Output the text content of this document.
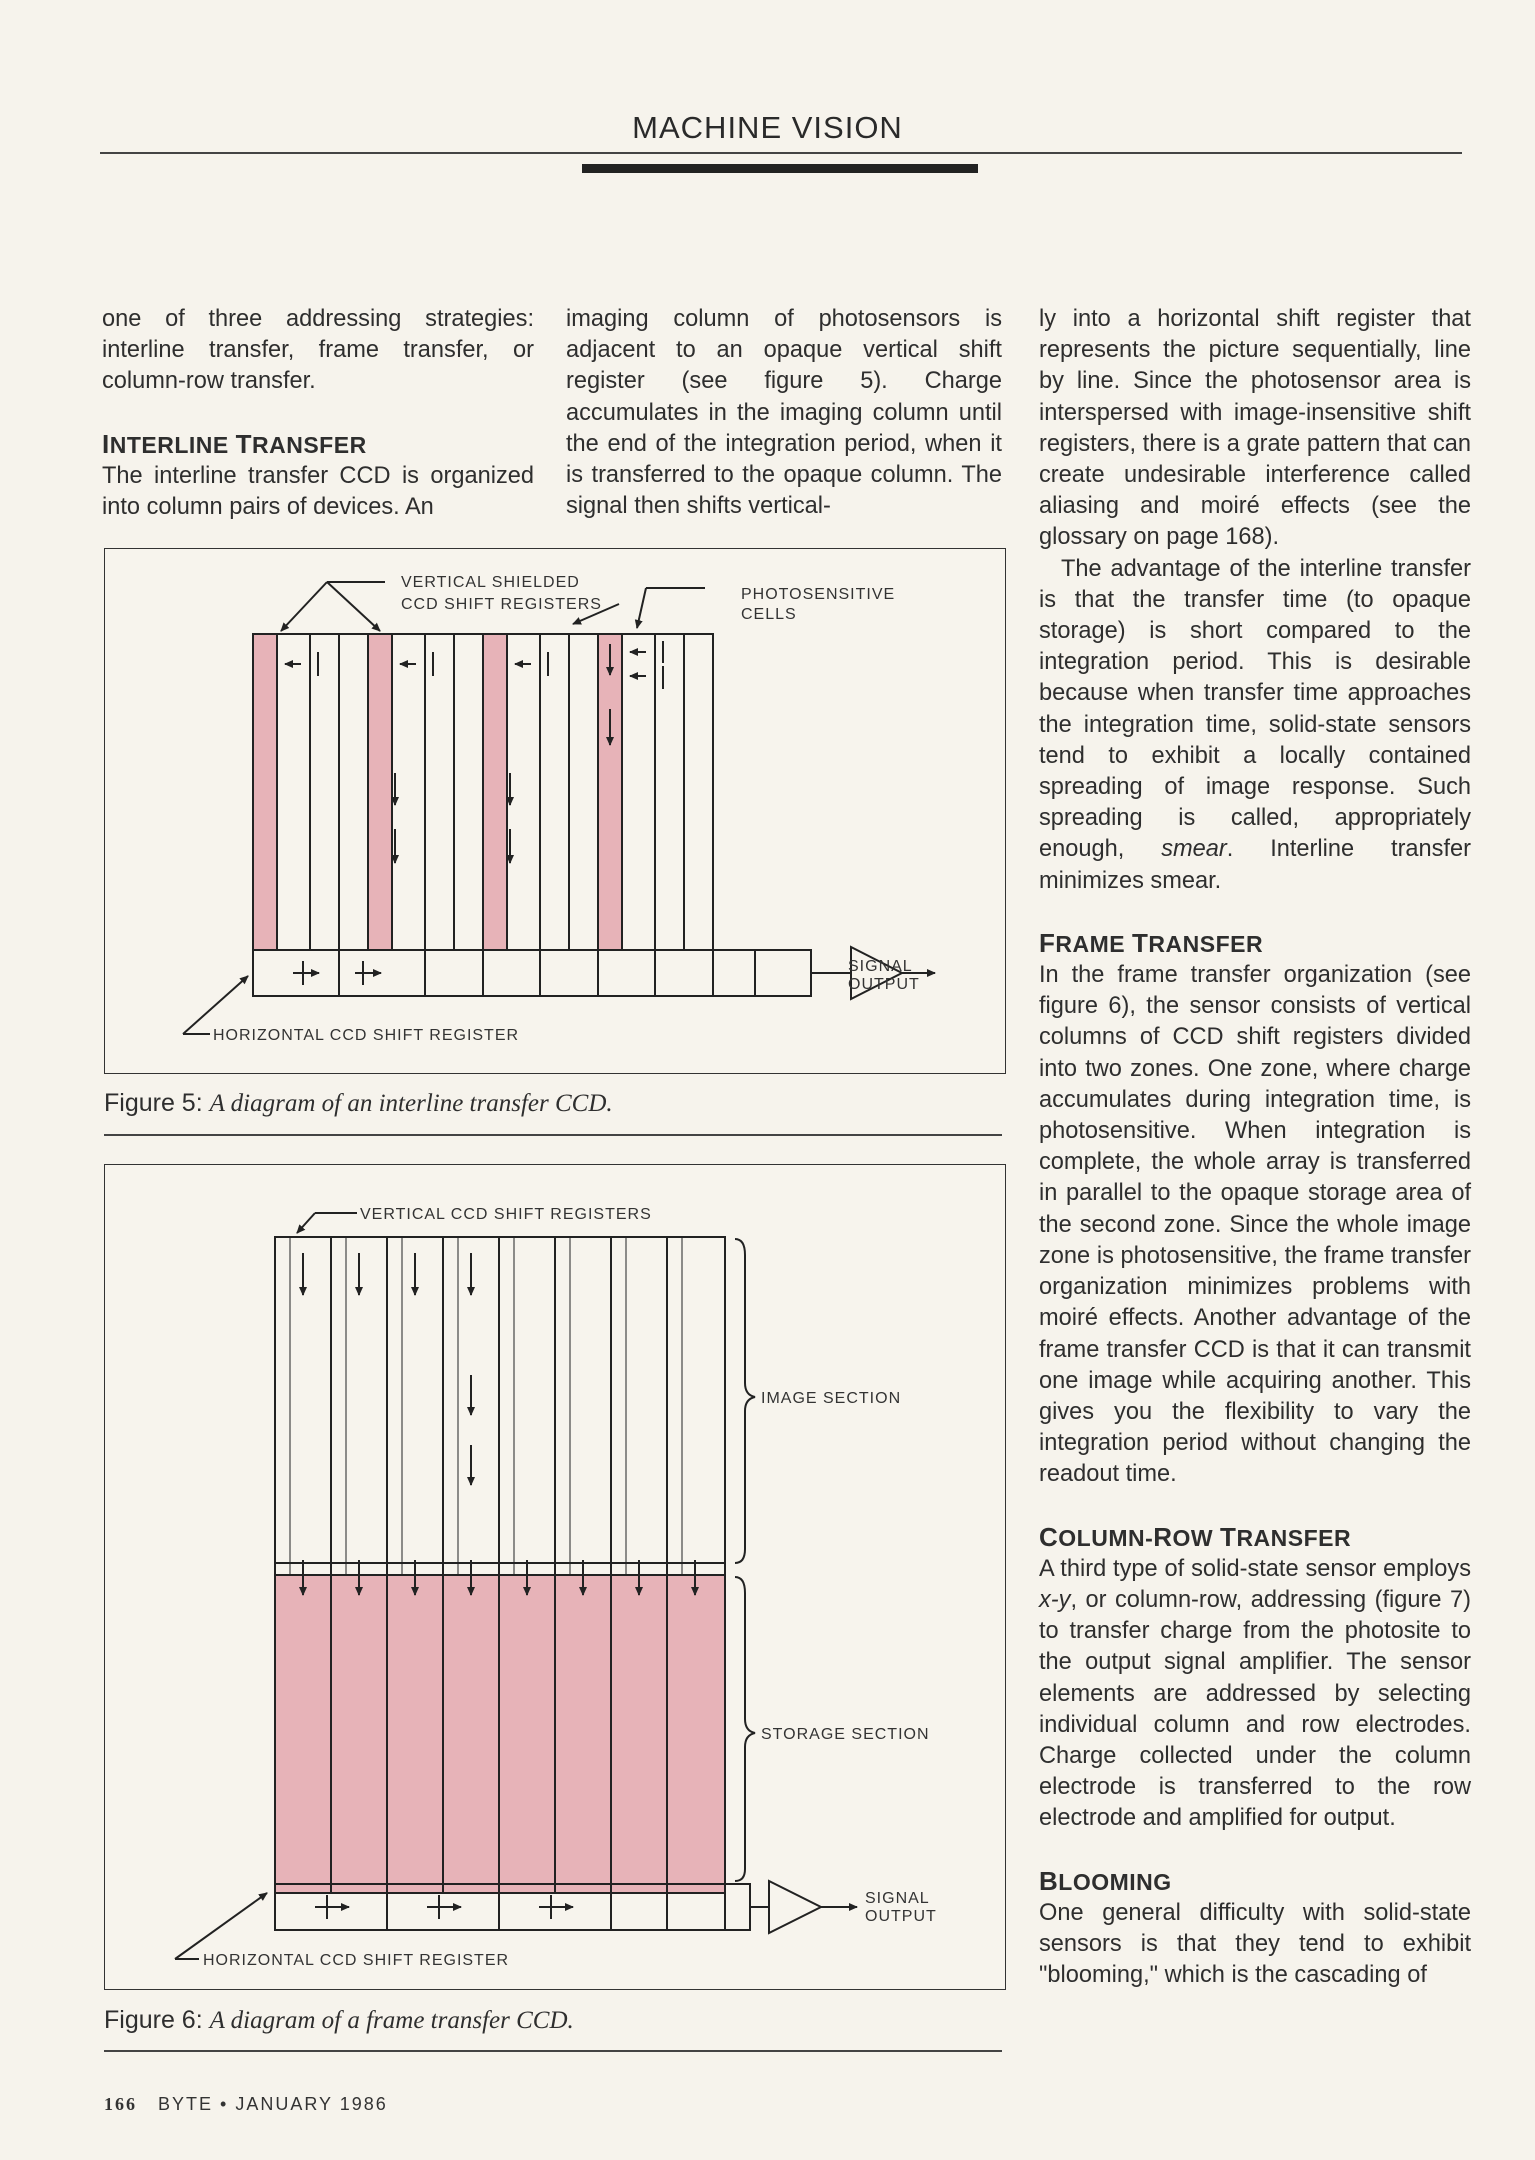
MACHINE VISION

one of three addressing strategies: interline transfer, frame transfer, or column-row transfer.

INTERLINE TRANSFER

The interline transfer CCD is organized into column pairs of devices. An

imaging column of photosensors is adjacent to an opaque vertical shift register (see figure 5). Charge accumulates in the imaging column until the end of the integration period, when it is transferred to the opaque column. The signal then shifts vertical-

ly into a horizontal shift register that represents the picture sequentially, line by line. Since the photosensor area is interspersed with image-insensitive shift registers, there is a grate pattern that can create undesirable interference called aliasing and moiré effects (see the glossary on page 168).

The advantage of the interline transfer is that the transfer time (to opaque storage) is short compared to the integration period. This is desirable because when transfer time approaches the integration time, solid-state sensors tend to exhibit a locally contained spreading of image response. Such spreading is called, appropriately enough, smear. Interline transfer minimizes smear.

FRAME TRANSFER

In the frame transfer organization (see figure 6), the sensor consists of vertical columns of CCD shift registers divided into two zones. One zone, where charge accumulates during integration time, is photosensitive. When integration is complete, the whole array is transferred in parallel to the opaque storage area of the second zone. Since the whole image zone is photosensitive, the frame transfer organization minimizes problems with moiré effects. Another advantage of the frame transfer CCD is that it can transmit one image while acquiring another. This gives you the flexibility to vary the integration period without changing the readout time.

COLUMN-ROW TRANSFER

A third type of solid-state sensor employs x-y, or column-row, addressing (figure 7) to transfer charge from the photosite to the output signal amplifier. The sensor elements are addressed by selecting individual column and row electrodes. Charge collected under the column electrode is transferred to the row electrode and amplified for output.

BLOOMING

One general difficulty with solid-state sensors is that they tend to exhibit "blooming," which is the cascading of

VERTICAL SHIELDED
CCD SHIFT REGISTERS
PHOTOSENSITIVE
CELLS
SIGNAL
OUTPUT
HORIZONTAL CCD SHIFT REGISTER
Figure 5: A diagram of an interline transfer CCD.
VERTICAL CCD SHIFT REGISTERS
IMAGE SECTION
STORAGE SECTION
SIGNAL
OUTPUT
HORIZONTAL CCD SHIFT REGISTER
Figure 6: A diagram of a frame transfer CCD.
166 BYTE • JANUARY 1986
